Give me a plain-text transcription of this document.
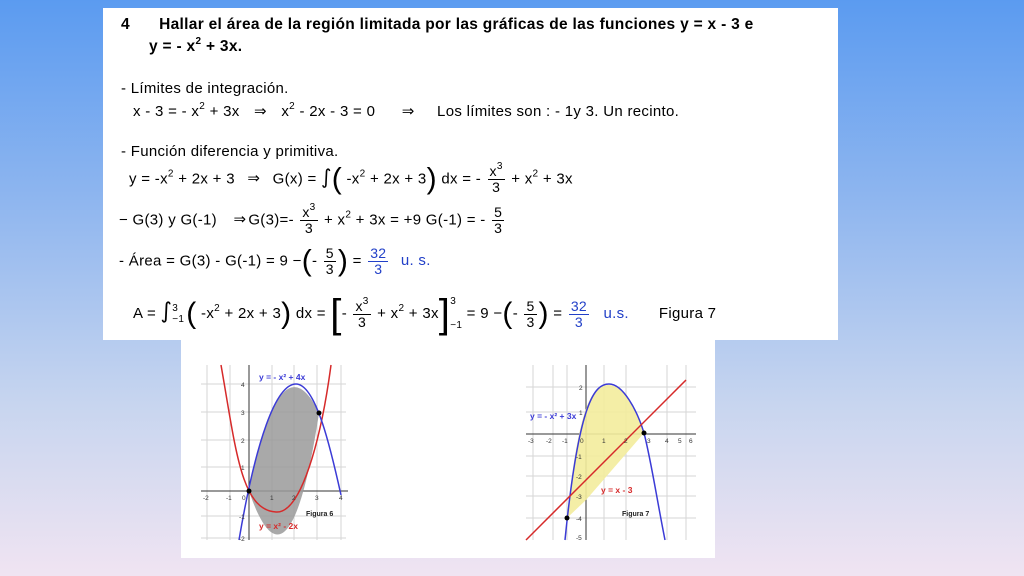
4 Hallar el área de la región limitada por las gráficas de las funciones y = x - 3 e
y = - $x^2 + 3x$.
- Límites de integración.
x - 3 = - $x^2 + 3x$ ⇒ $x^2 - 2x - 3 = 0$ ⇒ Los límites son : - 1y 3. Un recinto.
- Función diferencia y primitiva.
$y = -x^2 + 2x + 3$ ⇒ G(x) = ∫( $-x^2 + 2x + 3$) dx = - $\frac{x^3}{3} + x^2 + 3x$
− G(3) y G(-1) ⇒ $G(3)=- \frac{x^3}{3} + x^2 + 3x = +9$ G(-1) = - $\frac{5}{3}$
- Área = G(3) - G(-1) = 9 −(- $\frac{5}{3}$ ) = $\frac{32}{3} u$. s.
A = ∫ 3
−1 ( $-x^2 + 2x + 3$) dx = [- $\frac{x^3}{3} + x^2 + 3x$] 3
−1
= 9 −(- $\frac{5}{3}$ ) = $\frac{32}{3} u.s$. Figura 7
y = - x² + 4x
y = x² - 2x
Figura 6
-2	-1 0	1	2	3	4
4
3
2
1
-1
-2
y = - x² + 3x
y = x - 3
Figura 7
-3 -2 -1 0	1	2	3 4 5 6
2
1
-1
-2
-3
-4
-5
